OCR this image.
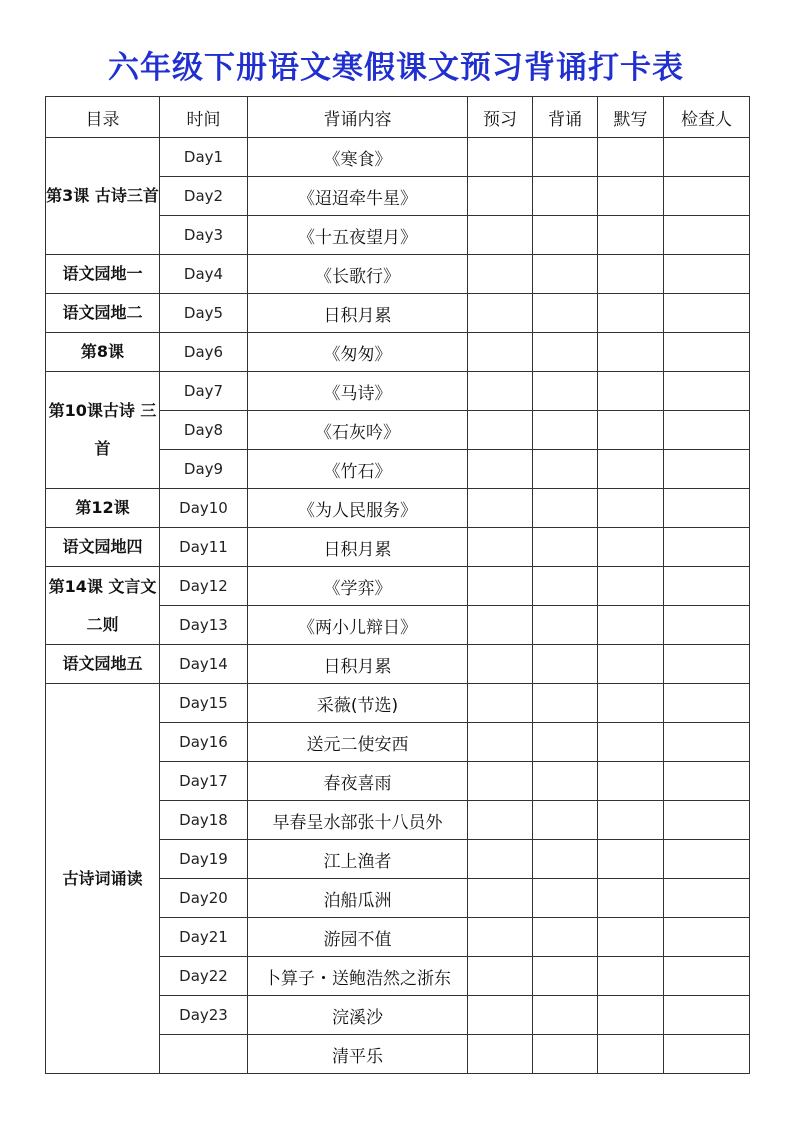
六年级下册语文寒假课文预习背诵打卡表
目录	时间	背诵内容	预习	背诵	默写	检查人
第3课 古诗三首	Day1	《寒食》				
	Day2	《迢迢牵牛星》				
	Day3	《十五夜望月》				
语文园地一	Day4	《长歌行》				
语文园地二	Day5	日积月累				
第8课	Day6	《匆匆》				
第10课古诗 三首	Day7	《马诗》				
	Day8	《石灰吟》				
	Day9	《竹石》				
第12课	Day10	《为人民服务》				
语文园地四	Day11	日积月累				
第14课 文言文二则	Day12	《学弈》				
	Day13	《两小儿辩日》				
语文园地五	Day14	日积月累				
古诗词诵读	Day15	采薇(节选)				
	Day16	送元二使安西				
	Day17	春夜喜雨				
	Day18	早春呈水部张十八员外				
	Day19	江上渔者				
	Day20	泊船瓜洲				
	Day21	游园不值				
	Day22	卜算子・送鲍浩然之浙东				
	Day23	浣溪沙				
		清平乐				
